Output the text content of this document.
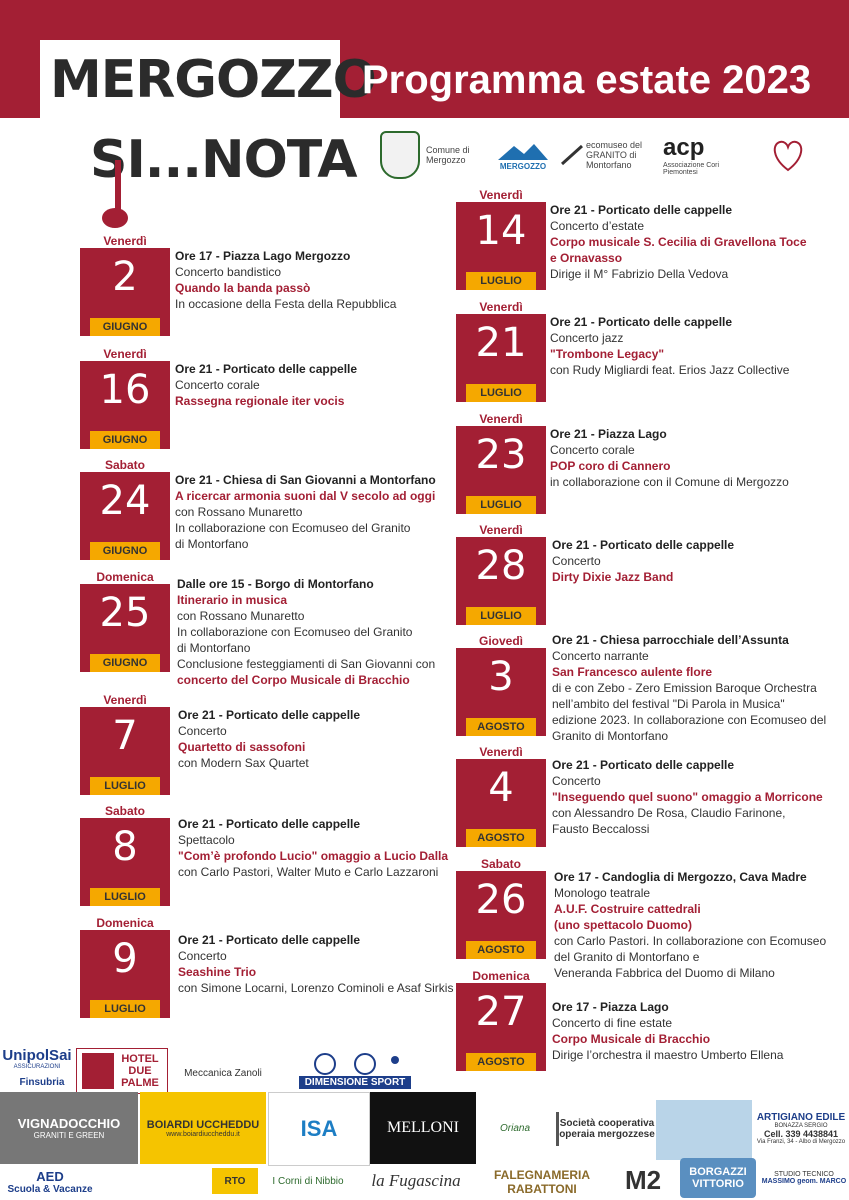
MERGOZZO
SI...NOTA
Programma estate 2023
Comune di Mergozzo
MERGOZZO
ecomuseo del GRANITO di Montorfano
acp
Associazione Cori Piemontesi
Venerdì
2
GIUGNO
Ore 17 - Piazza Lago Mergozzo
Concerto bandistico
Quando la banda passò
In occasione della Festa della Repubblica
Venerdì
16
GIUGNO
Ore 21 - Porticato delle cappelle
Concerto corale
Rassegna regionale iter vocis
Sabato
24
GIUGNO
Ore 21 - Chiesa di San Giovanni a Montorfano
A ricercar armonia suoni dal V secolo ad oggi
con Rossano Munaretto
In collaborazione con Ecomuseo del Granito
di Montorfano
Domenica
25
GIUGNO
Dalle ore 15 - Borgo di Montorfano
Itinerario in musica
con Rossano Munaretto
In collaborazione con Ecomuseo del Granito
di Montorfano
Conclusione festeggiamenti di San Giovanni con
concerto del Corpo Musicale di Bracchio
Venerdì
7
LUGLIO
Ore 21 - Porticato delle cappelle
Concerto
Quartetto di sassofoni
con Modern Sax Quartet
Sabato
8
LUGLIO
Ore 21 - Porticato delle cappelle
Spettacolo
"Com’è profondo Lucio" omaggio a Lucio Dalla
con Carlo Pastori, Walter Muto e Carlo Lazzaroni
Domenica
9
LUGLIO
Ore 21 - Porticato delle cappelle
Concerto
Seashine Trio
con Simone Locarni, Lorenzo Cominoli e Asaf Sirkis
Venerdì
14
LUGLIO
Ore 21 - Porticato delle cappelle
Concerto d’estate
Corpo musicale S. Cecilia di Gravellona Toce
e Ornavasso
Dirige il M° Fabrizio Della Vedova
Venerdì
21
LUGLIO
Ore 21 - Porticato delle cappelle
Concerto jazz
"Trombone Legacy"
con Rudy Migliardi feat. Erios Jazz Collective
Venerdì
23
LUGLIO
Ore 21 - Piazza Lago
Concerto corale
POP coro di Cannero
in collaborazione con il Comune di Mergozzo
Venerdì
28
LUGLIO
Ore 21 - Porticato delle cappelle
Concerto
Dirty Dixie Jazz Band
Giovedì
3
AGOSTO
Ore 21 - Chiesa parrocchiale dell’Assunta
Concerto narrante
San Francesco aulente flore
di e con Zebo - Zero Emission Baroque Orchestra
nell’ambito del festival "Di Parola in Musica"
edizione 2023. In collaborazione con Ecomuseo del
Granito di Montorfano
Venerdì
4
AGOSTO
Ore 21 - Porticato delle cappelle
Concerto
"Inseguendo quel suono" omaggio a Morricone
con Alessandro De Rosa, Claudio Farinone,
Fausto Beccalossi
Sabato
26
AGOSTO
Ore 17 - Candoglia di Mergozzo, Cava Madre
Monologo teatrale
A.U.F. Costruire cattedrali
(uno spettacolo Duomo)
con Carlo Pastori. In collaborazione con Ecomuseo
del Granito di Montorfano e
Veneranda Fabbrica del Duomo di Milano
Domenica
27
AGOSTO
Ore 17 - Piazza Lago
Concerto di fine estate
Corpo Musicale di Bracchio
Dirige l’orchestra il maestro Umberto Ellena
UnipolSai
ASSICURAZIONI
Finsubria
HOTEL DUE PALME
Meccanica Zanoli
DIMENSIONE SPORT
ARTIGIANO EDILE
BONAZZA SERGIO
Cell. 339 4438841
Via Franzi, 34 - Albo di Mergozzo
VIGNADOCCHIO
GRANITI E GREEN
BOIARDI UCCHEDDU
www.boiardiuccheddu.it	ISA	MELLONI	Oriana	Società cooperativa operaia mergozzese
AED
Scuola & Vacanze
RTO	I Corni di Nibbio	la Fugascina	FALEGNAMERIA RABATTONI	M2	BORGAZZI VITTORIO
STUDIO TECNICO
MASSIMO geom. MARCO
